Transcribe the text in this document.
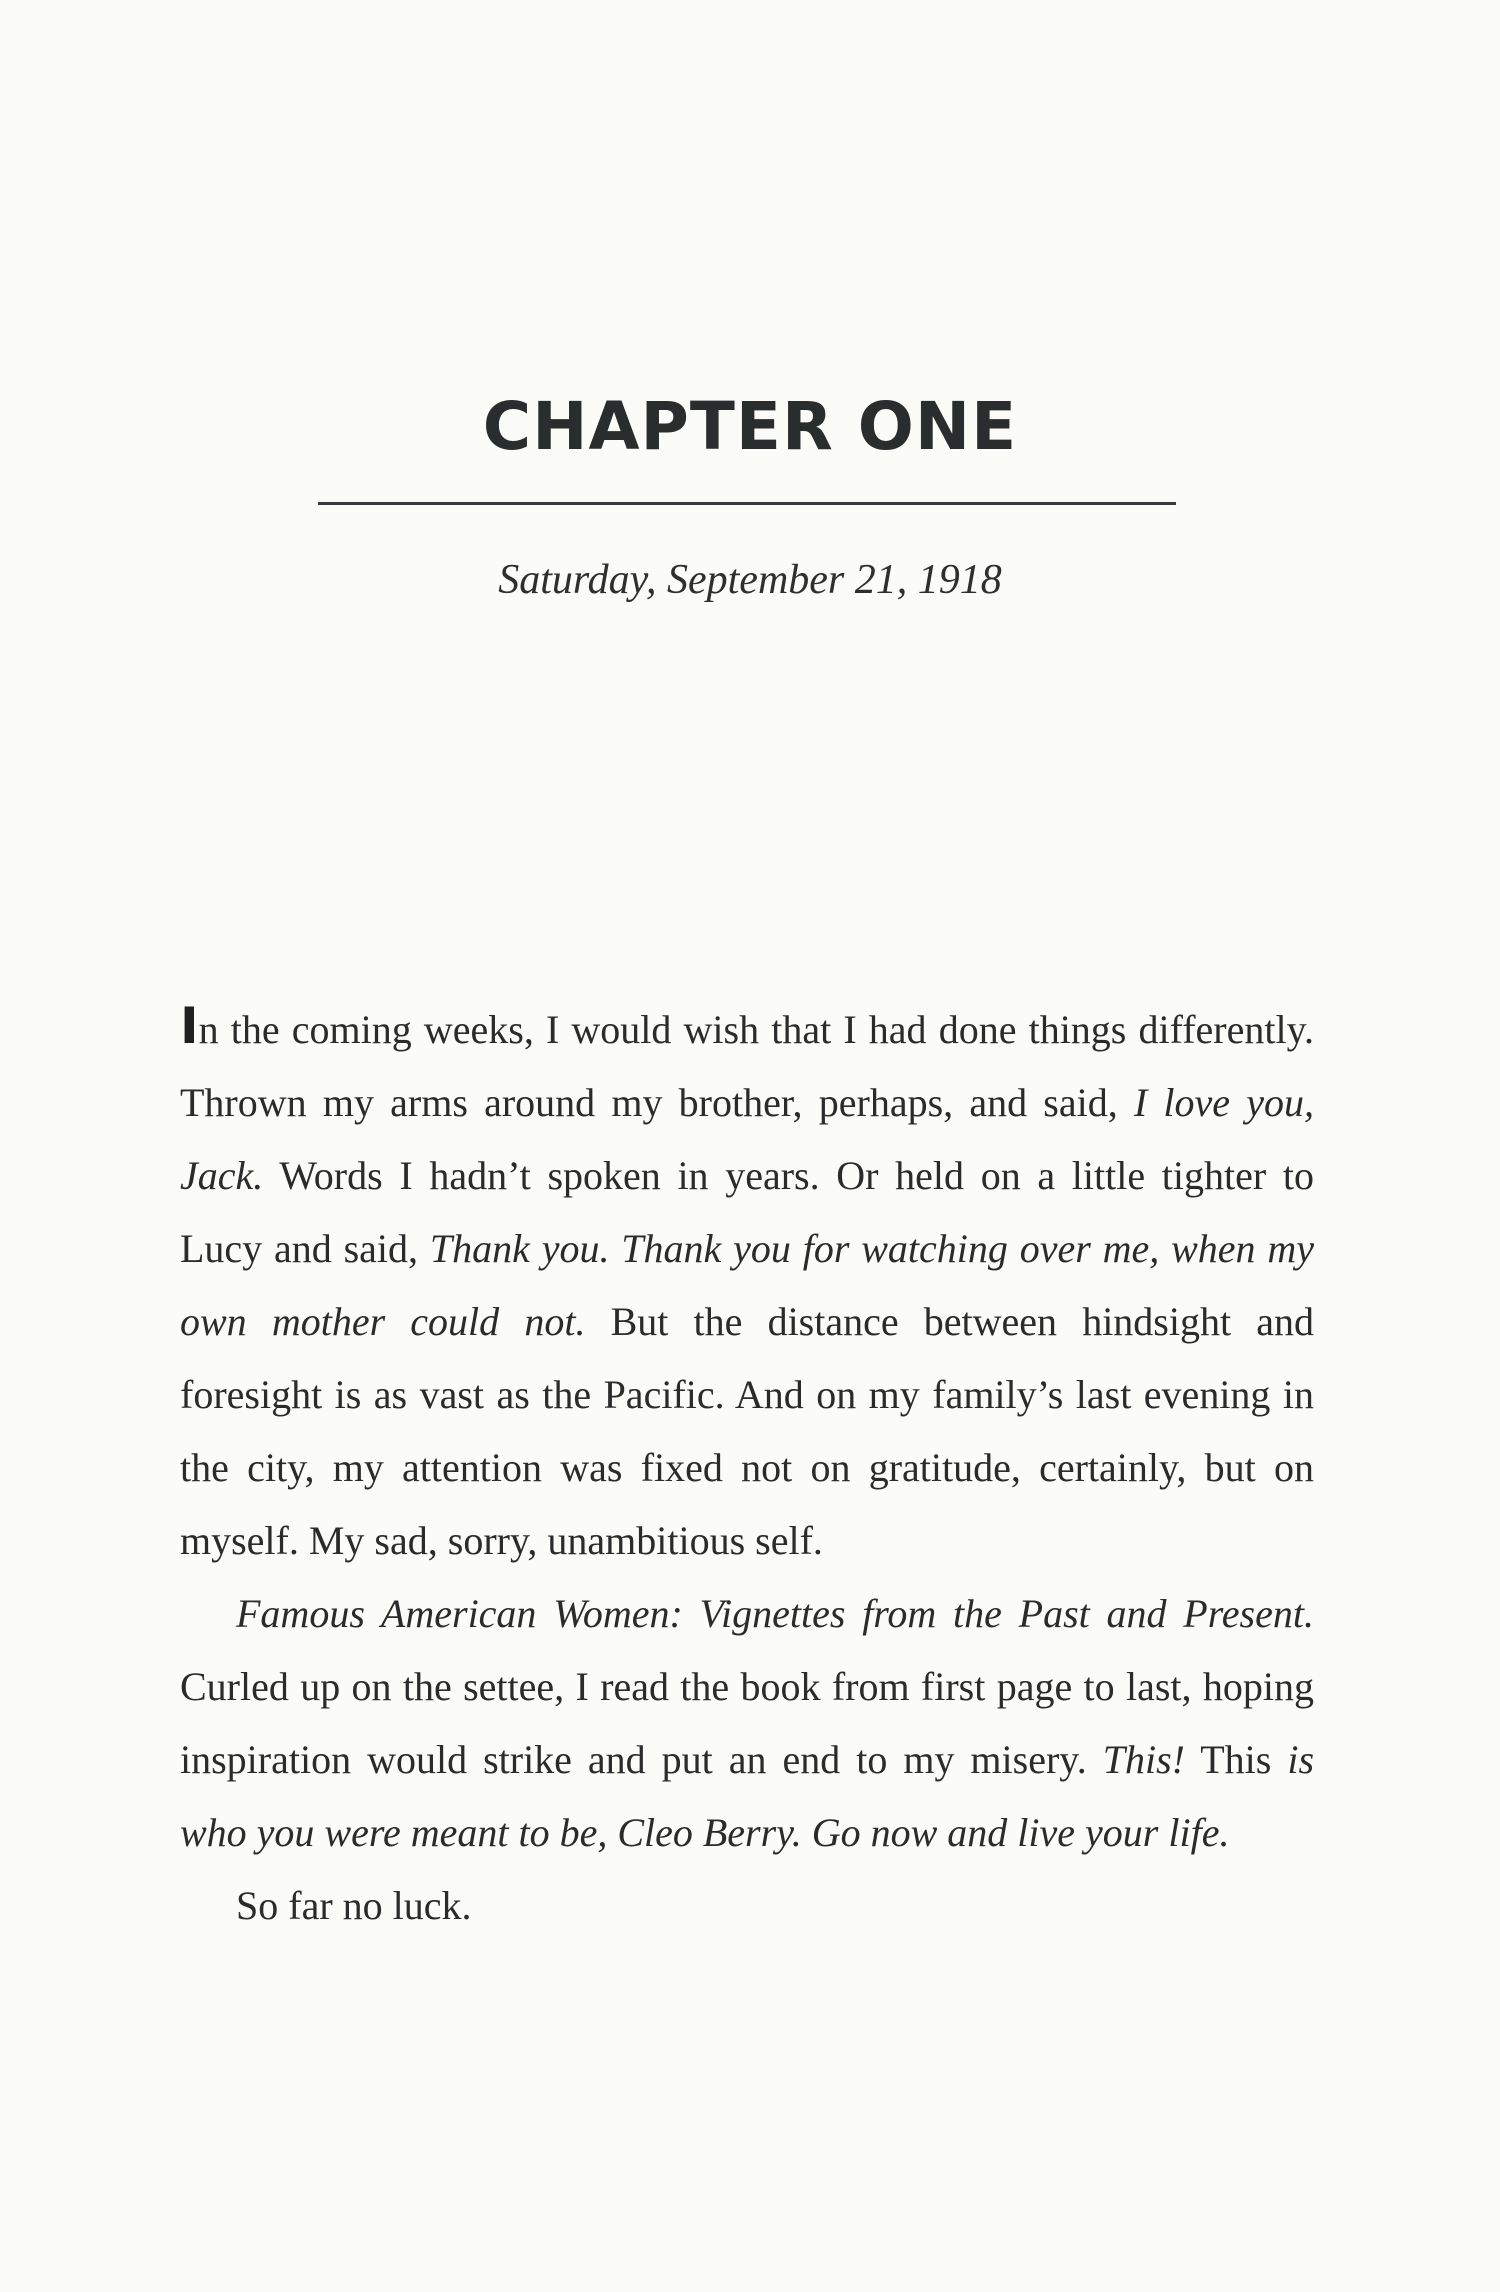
CHAPTER ONE
Saturday, September 21, 1918

In the coming weeks, I would wish that I had done things differently. Thrown my arms around my brother, perhaps, and said, I love you, Jack. Words I hadn’t spoken in years. Or held on a little tighter to Lucy and said, Thank you. Thank you for watching over me, when my own mother could not. But the distance between hindsight and foresight is as vast as the Pacific. And on my family’s last evening in the city, my attention was fixed not on gratitude, certainly, but on myself. My sad, sorry, unambitious self.

Famous American Women: Vignettes from the Past and Present. Curled up on the settee, I read the book from first page to last, hoping inspiration would strike and put an end to my misery. This! This is who you were meant to be, Cleo Berry. Go now and live your life.

So far no luck.
